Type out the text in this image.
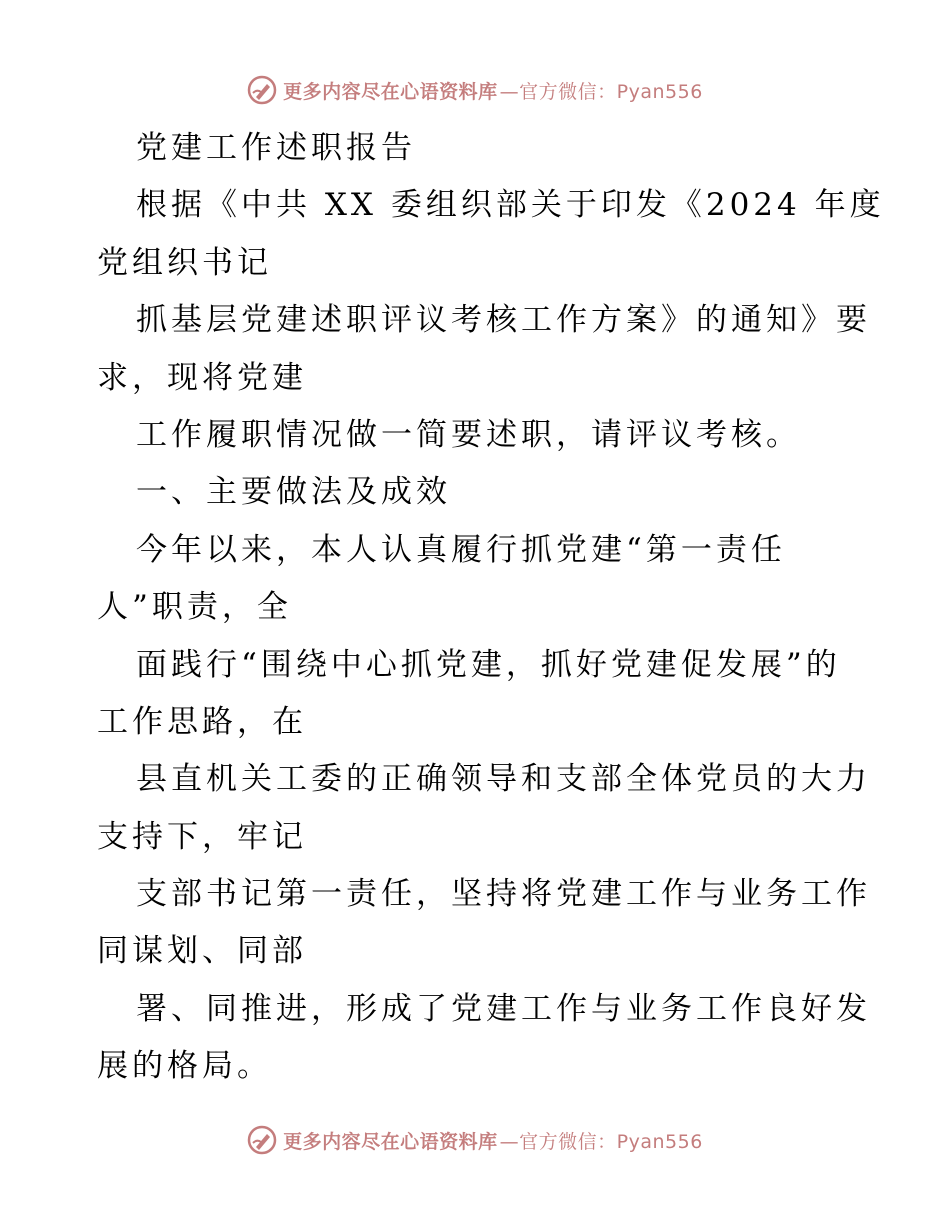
更多内容尽在心语资料库 —官方微信：Pyan556
党建工作述职报告
根据《中共 XX 委组织部关于印发《2024 年度
党组织书记
抓基层党建述职评议考核工作方案》的通知》要
求，现将党建
工作履职情况做一简要述职，请评议考核。
一、主要做法及成效
今年以来，本人认真履行抓党建“第一责任
人”职责，全
面践行“围绕中心抓党建，抓好党建促发展”的
工作思路，在
县直机关工委的正确领导和支部全体党员的大力
支持下，牢记
支部书记第一责任，坚持将党建工作与业务工作
同谋划、同部
署、同推进，形成了党建工作与业务工作良好发
展的格局。
更多内容尽在心语资料库 —官方微信：Pyan556
